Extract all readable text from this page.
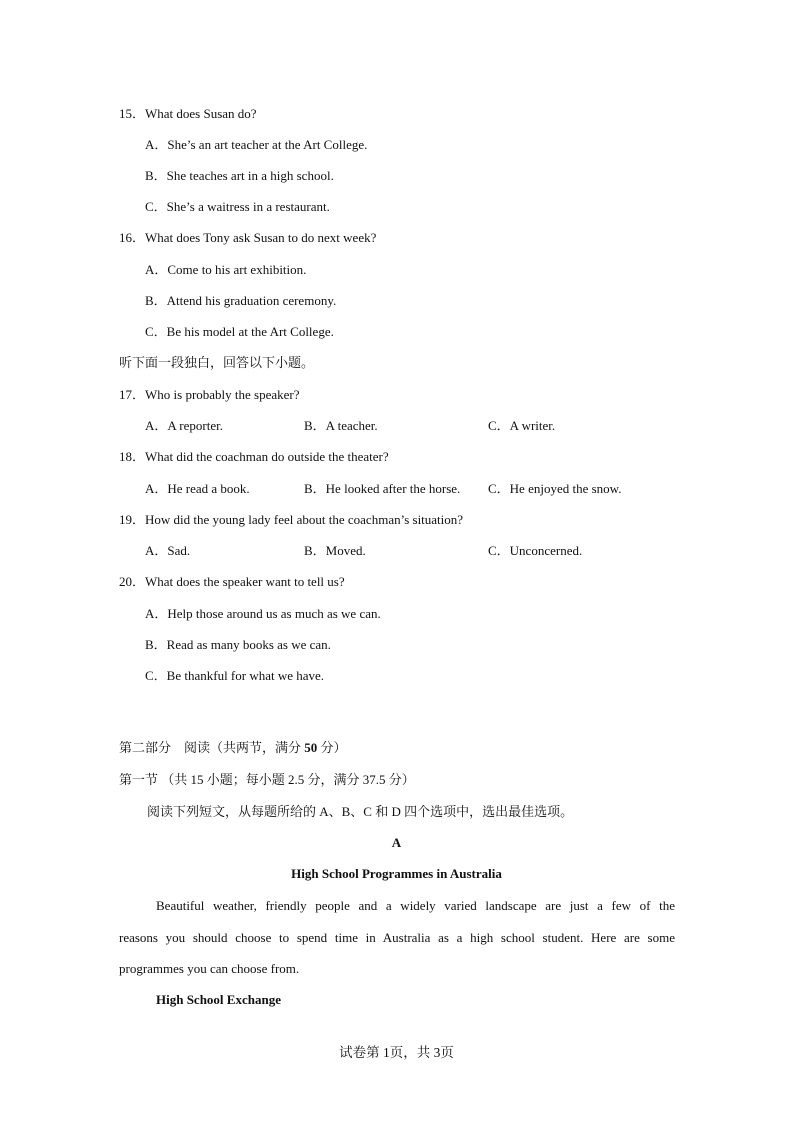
15．What does Susan do?
A．She’s an art teacher at the Art College.
B．She teaches art in a high school.
C．She’s a waitress in a restaurant.
16．What does Tony ask Susan to do next week?
A．Come to his art exhibition.
B．Attend his graduation ceremony.
C．Be his model at the Art College.
听下面一段独白，回答以下小题。
17．Who is probably the speaker?
A．A reporter.	B．A teacher.	C．A writer.
18．What did the coachman do outside the theater?
A．He read a book.	B．He looked after the horse. C．He enjoyed the snow.
19．How did the young lady feel about the coachman’s situation?
A．Sad.	B．Moved.	C．Unconcerned.
20．What does the speaker want to tell us?
A．Help those around us as much as we can.
B．Read as many books as we can.
C．Be thankful for what we have.
第二部分　阅读（共两节，满分 50 分）
第一节 （共 15 小题；每小题 2.5 分，满分 37.5 分）
阅读下列短文，从每题所给的 A、B、C 和 D 四个选项中，选出最佳选项。
A
High School Programmes in Australia
Beautiful weather, friendly people and a widely varied landscape are just a few of the
reasons you should choose to spend time in Australia as a high school student. Here are some
programmes you can choose from.
High School Exchange
试卷第 1页，共 3页
